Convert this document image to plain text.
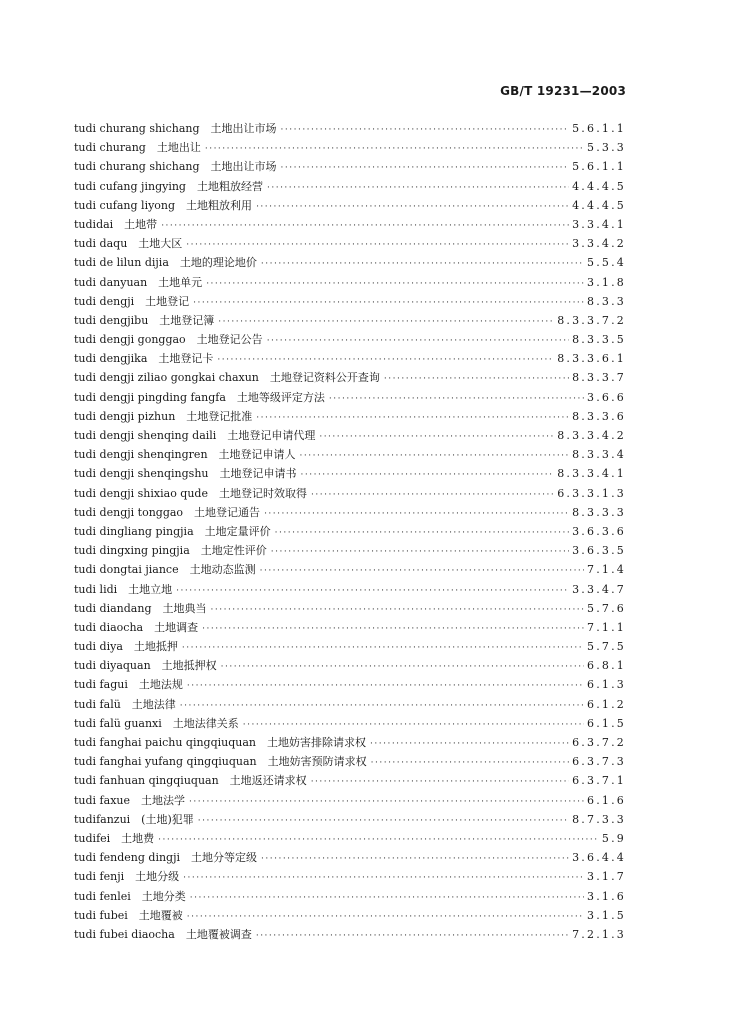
GB/T 19231—2003
tudi churang shichang　土地出让市场 ·····	5.6.1.1
tudi churang　土地出让 ·····	5.3.3
tudi churang shichang　土地出让市场 ·····	5.6.1.1
tudi cufang jingying　土地粗放经营 ·····	4.4.4.5
tudi cufang liyong　土地粗放利用 ·····	4.4.4.5
tudidai　土地带 ·····	3.3.4.1
tudi daqu　土地大区 ·····	3.3.4.2
tudi de lilun dijia　土地的理论地价 ·····	5.5.4
tudi danyuan　土地单元 ·····	3.1.8
tudi dengji　土地登记 ·····	8.3.3
tudi dengjibu　土地登记簿 ·····	8.3.3.7.2
tudi dengji gonggao　土地登记公告 ·····	8.3.3.5
tudi dengjika　土地登记卡 ·····	8.3.3.6.1
tudi dengji ziliao gongkai chaxun　土地登记资料公开查询 ·····	8.3.3.7
tudi dengji pingding fangfa　土地等级评定方法 ·····	3.6.6
tudi dengji pizhun　土地登记批准 ·····	8.3.3.6
tudi dengji shenqing daili　土地登记申请代理 ·····	8.3.3.4.2
tudi dengji shenqingren　土地登记申请人 ·····	8.3.3.4
tudi dengji shenqingshu　土地登记申请书 ·····	8.3.3.4.1
tudi dengji shixiao qude　土地登记时效取得 ·····	6.3.3.1.3
tudi dengji tonggao　土地登记通告 ·····	8.3.3.3
tudi dingliang pingjia　土地定量评价 ·····	3.6.3.6
tudi dingxing pingjia　土地定性评价 ·····	3.6.3.5
tudi dongtai jiance　土地动态监测 ·····	7.1.4
tudi lidi　土地立地 ·····	3.3.4.7
tudi diandang　土地典当 ·····	5.7.6
tudi diaocha　土地调查 ·····	7.1.1
tudi diya　土地抵押 ·····	5.7.5
tudi diyaquan　土地抵押权 ·····	6.8.1
tudi fagui　土地法规 ·····	6.1.3
tudi falü　土地法律 ·····	6.1.2
tudi falü guanxi　土地法律关系 ·····	6.1.5
tudi fanghai paichu qingqiuquan　土地妨害排除请求权 ·····	6.3.7.2
tudi fanghai yufang qingqiuquan　土地妨害预防请求权 ·····	6.3.7.3
tudi fanhuan qingqiuquan　土地返还请求权 ·····	6.3.7.1
tudi faxue　土地法学 ·····	6.1.6
tudifanzui　(土地)犯罪 ·····	8.7.3.3
tudifei　土地费 ·····	5.9
tudi fendeng dingji　土地分等定级 ·····	3.6.4.4
tudi fenji　土地分级 ·····	3.1.7
tudi fenlei　土地分类 ·····	3.1.6
tudi fubei　土地覆被 ·····	3.1.5
tudi fubei diaocha　土地覆被调查 ·····	7.2.1.3
